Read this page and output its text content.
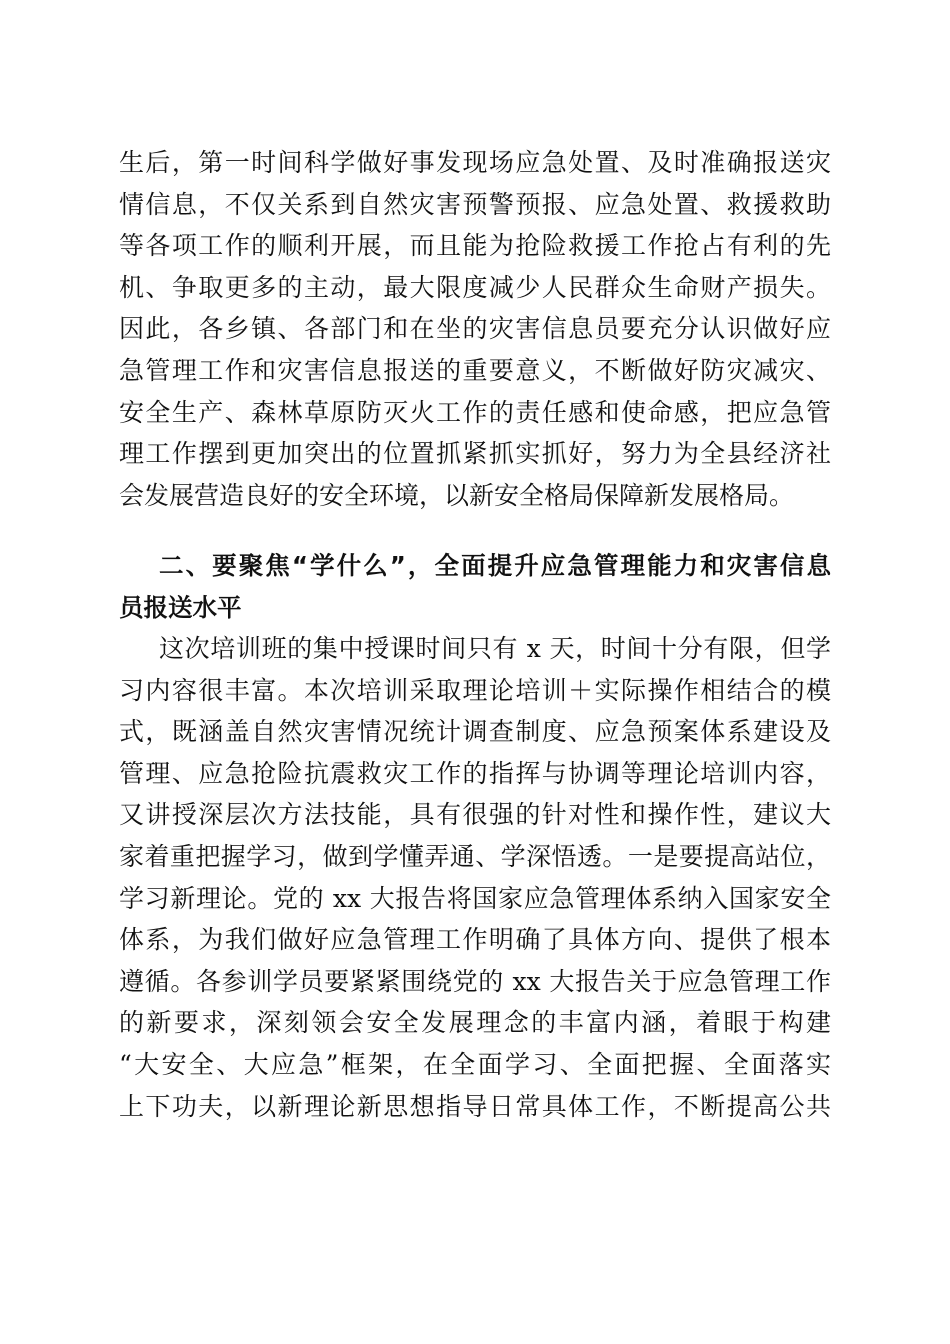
生后，第一时间科学做好事发现场应急处置、及时准确报送灾
情信息，不仅关系到自然灾害预警预报、应急处置、救援救助
等各项工作的顺利开展，而且能为抢险救援工作抢占有利的先
机、争取更多的主动，最大限度减少人民群众生命财产损失。
因此，各乡镇、各部门和在坐的灾害信息员要充分认识做好应
急管理工作和灾害信息报送的重要意义，不断做好防灾减灾、
安全生产、森林草原防灭火工作的责任感和使命感，把应急管
理工作摆到更加突出的位置抓紧抓实抓好，努力为全县经济社
会发展营造良好的安全环境，以新安全格局保障新发展格局。
二、要聚焦“学什么”，全面提升应急管理能力和灾害信息
员报送水平
这次培训班的集中授课时间只有 x 天，时间十分有限，但学
习内容很丰富。本次培训采取理论培训＋实际操作相结合的模
式，既涵盖自然灾害情况统计调查制度、应急预案体系建设及
管理、应急抢险抗震救灾工作的指挥与协调等理论培训内容，
又讲授深层次方法技能，具有很强的针对性和操作性，建议大
家着重把握学习，做到学懂弄通、学深悟透。一是要提高站位，
学习新理论。党的 xx 大报告将国家应急管理体系纳入国家安全
体系，为我们做好应急管理工作明确了具体方向、提供了根本
遵循。各参训学员要紧紧围绕党的 xx 大报告关于应急管理工作
的新要求，深刻领会安全发展理念的丰富内涵，着眼于构建
“大安全、大应急”框架，在全面学习、全面把握、全面落实
上下功夫，以新理论新思想指导日常具体工作，不断提高公共
